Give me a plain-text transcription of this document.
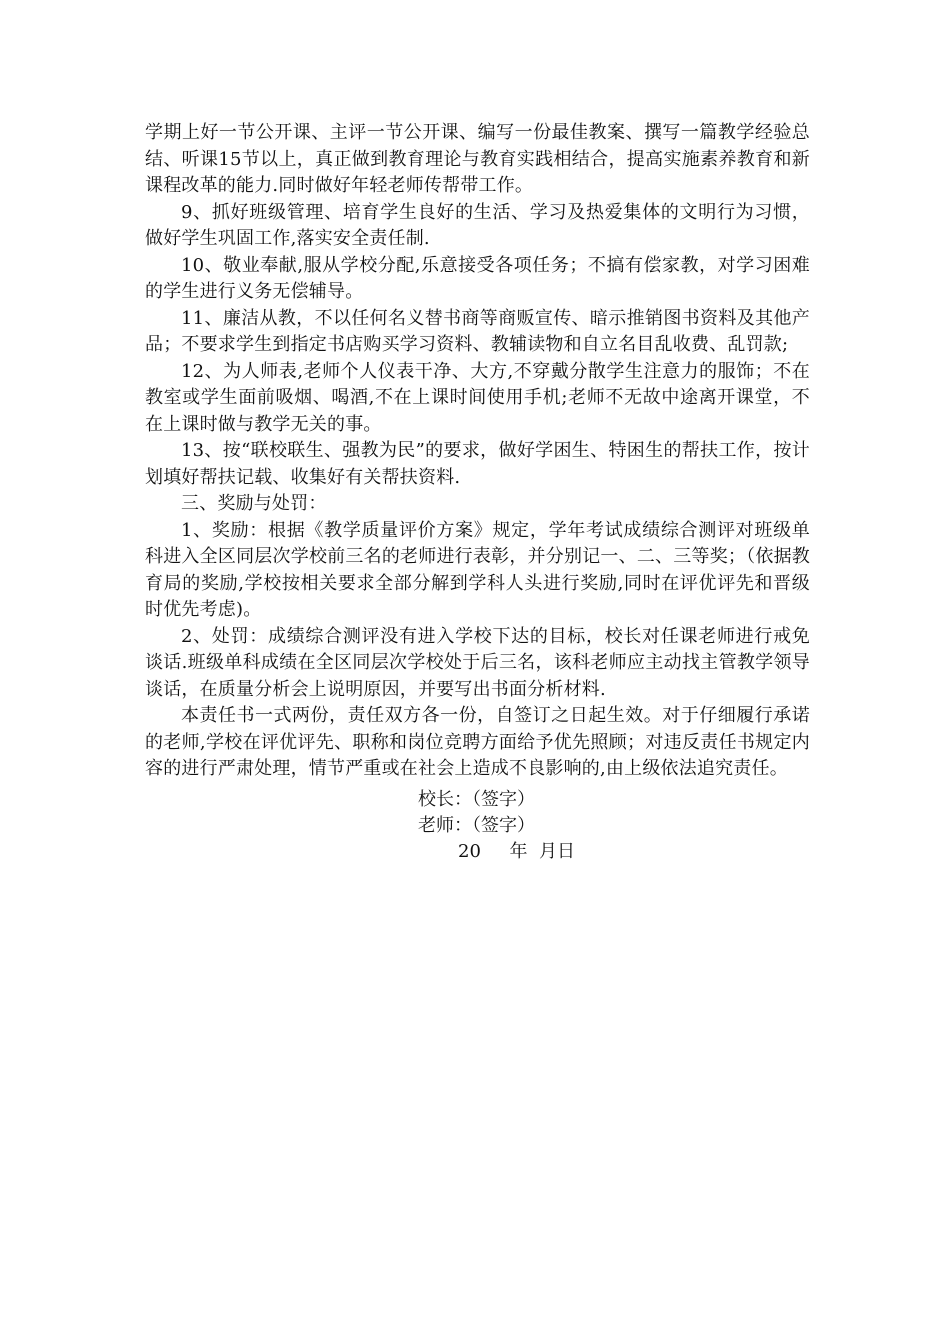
学期上好一节公开课、主评一节公开课、编写一份最佳教案、撰写一篇教学经验总结、听课15节以上，真正做到教育理论与教育实践相结合，提高实施素养教育和新课程改革的能力.同时做好年轻老师传帮带工作。

9、抓好班级管理、培育学生良好的生活、学习及热爱集体的文明行为习惯，做好学生巩固工作,落实安全责任制.

10、敬业奉献,服从学校分配,乐意接受各项任务；不搞有偿家教，对学习困难的学生进行义务无偿辅导。

11、廉洁从教，不以任何名义替书商等商贩宣传、暗示推销图书资料及其他产品；不要求学生到指定书店购买学习资料、教辅读物和自立名目乱收费、乱罚款;

12、为人师表,老师个人仪表干净、大方,不穿戴分散学生注意力的服饰；不在教室或学生面前吸烟、喝酒,不在上课时间使用手机;老师不无故中途离开课堂，不在上课时做与教学无关的事。

13、按“联校联生、强教为民”的要求，做好学困生、特困生的帮扶工作，按计划填好帮扶记载、收集好有关帮扶资料.

三、奖励与处罚：

1、奖励：根据《教学质量评价方案》规定，学年考试成绩综合测评对班级单科进入全区同层次学校前三名的老师进行表彰，并分别记一、二、三等奖；（依据教育局的奖励,学校按相关要求全部分解到学科人头进行奖励,同时在评优评先和晋级时优先考虑)。

2、处罚：成绩综合测评没有进入学校下达的目标，校长对任课老师进行戒免谈话.班级单科成绩在全区同层次学校处于后三名，该科老师应主动找主管教学领导谈话，在质量分析会上说明原因，并要写出书面分析材料.

本责任书一式两份，责任双方各一份，自签订之日起生效。对于仔细履行承诺的老师,学校在评优评先、职称和岗位竞聘方面给予优先照顾；对违反责任书规定内容的进行严肃处理，情节严重或在社会上造成不良影响的,由上级依法追究责任。

校长：（签字）

老师：（签字）

20     年  月日
